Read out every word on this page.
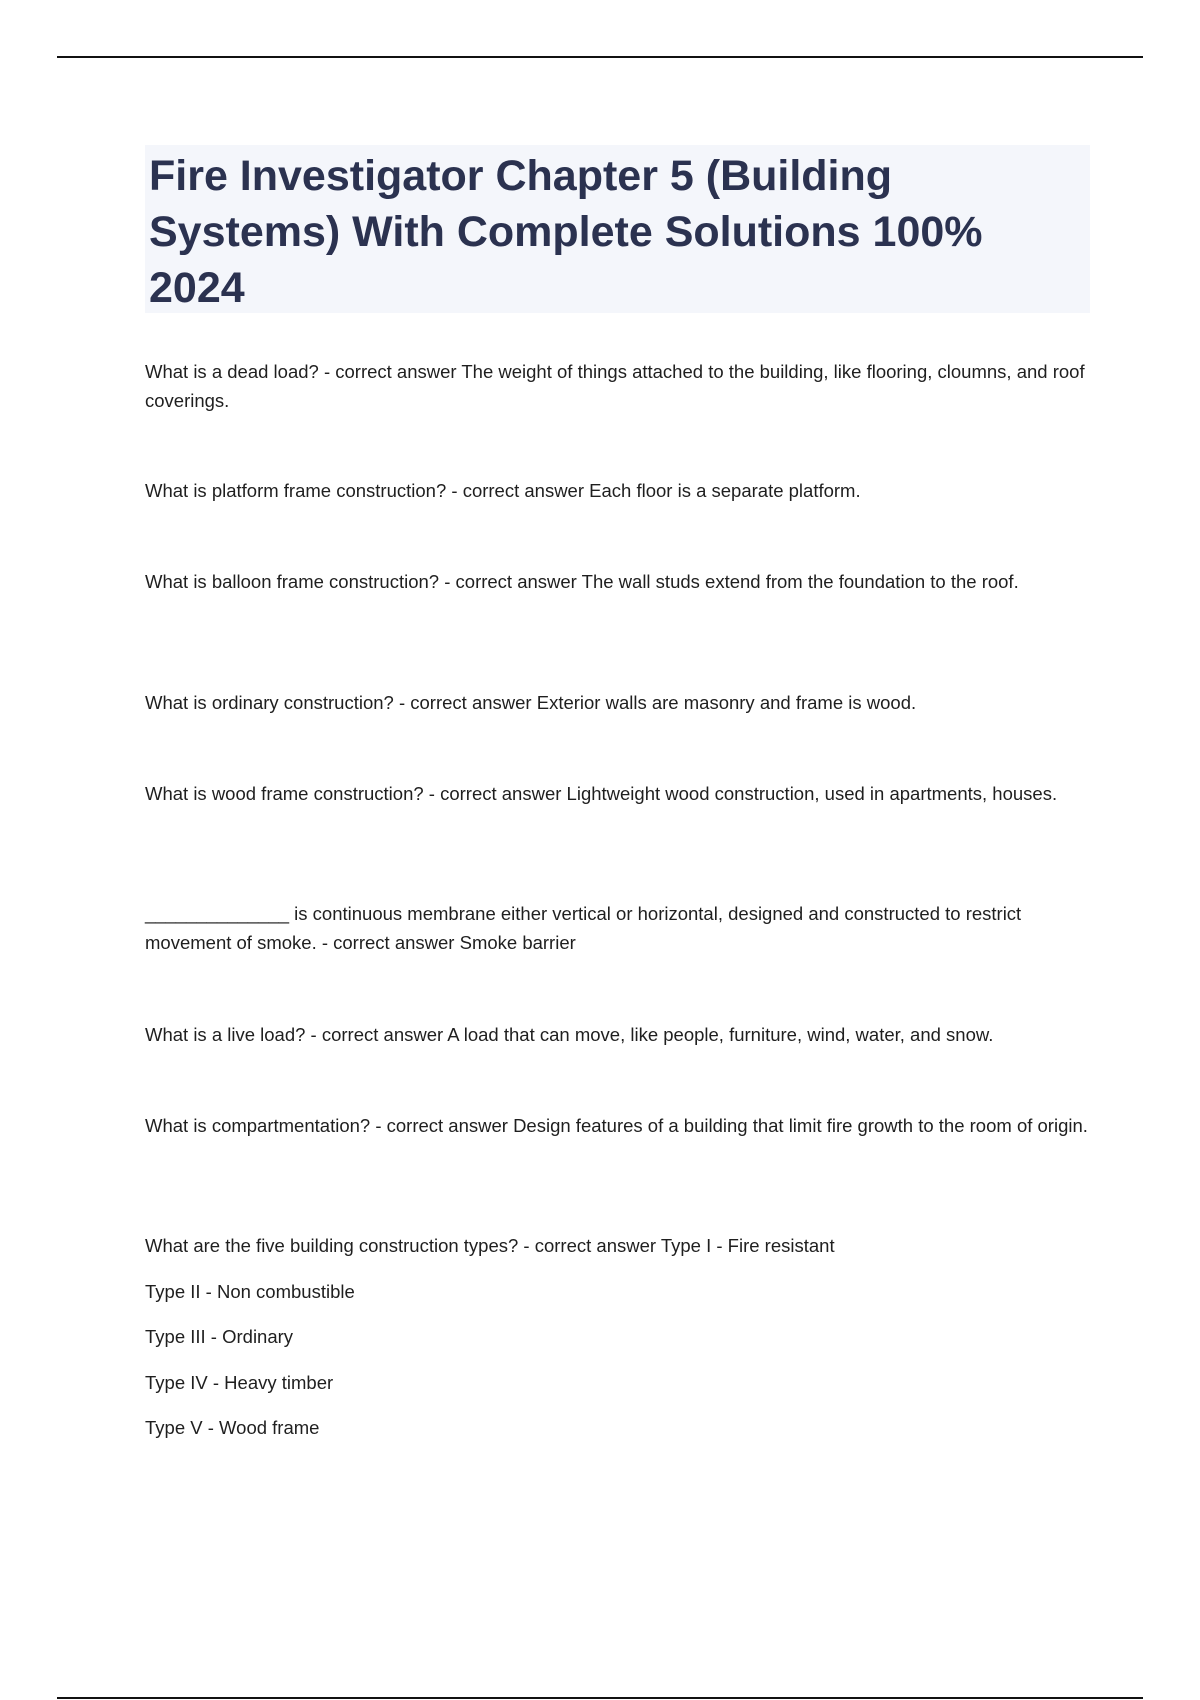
Fire Investigator Chapter 5 (Building Systems) With Complete Solutions 100% 2024

What is a dead load? - correct answer The weight of things attached to the building, like flooring, cloumns, and roof coverings.

What is platform frame construction? - correct answer Each floor is a separate platform.

What is balloon frame construction? - correct answer The wall studs extend from the foundation to the roof.

What is ordinary construction? - correct answer Exterior walls are masonry and frame is wood.

What is wood frame construction? - correct answer Lightweight wood construction, used in apartments, houses.

______________ is continuous membrane either vertical or horizontal, designed and constructed to restrict movement of smoke. - correct answer Smoke barrier

What is a live load? - correct answer A load that can move, like people, furniture, wind, water, and snow.

What is compartmentation? - correct answer Design features of a building that limit fire growth to the room of origin.

What are the five building construction types? - correct answer Type I - Fire resistant

Type II - Non combustible

Type III - Ordinary

Type IV - Heavy timber

Type V - Wood frame
